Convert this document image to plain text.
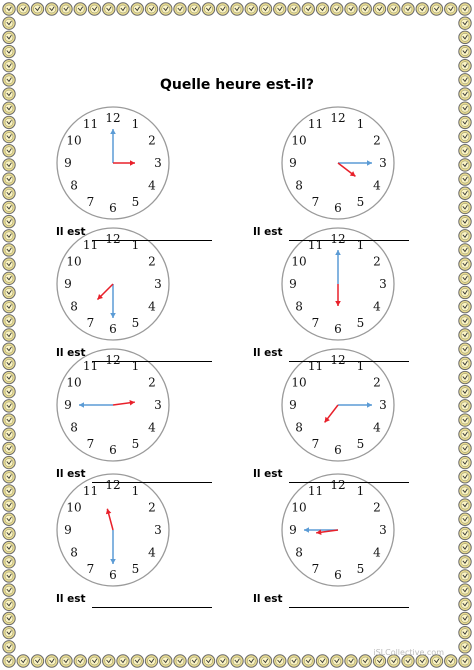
Quelle heure est-il?
12 1
2
3
4
5
6
7
8
9
10
11	12 1
2
3
4
5
6
7
8
9
10
11
12 1
2
3
4
5
6
7
8
9
10
11	12 1
2
3
4
5
6
7
8
9
10
11
12 1
2
3
4
5
6
7
8
9
10
11	12 1
2
3
4
5
6
7
8
9
10
11
12 1
2
3
4
5
6
7
8
9
10
11	12 1
2
3
4
5
6
7
8
9
10
11
Il est	Il est
Il est	Il est
Il est	Il est
Il est	Il est
iSLCollective.com
